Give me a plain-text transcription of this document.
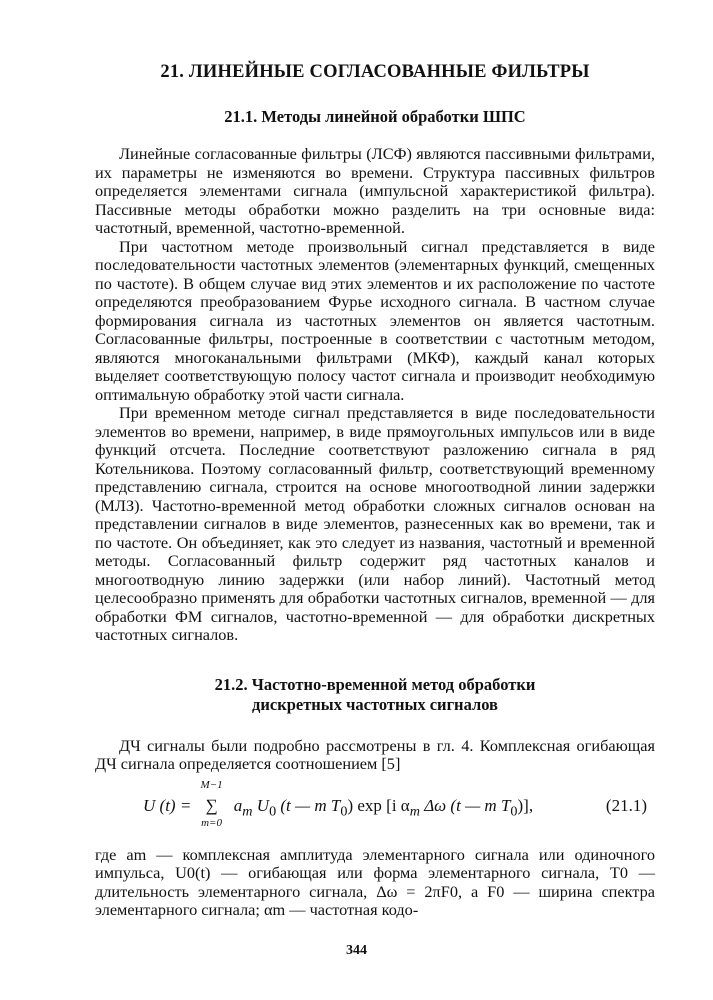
21. ЛИНЕЙНЫЕ СОГЛАСОВАННЫЕ ФИЛЬТРЫ
21.1. Методы линейной обработки ШПС

Линейные согласованные фильтры (ЛСФ) являются пассивными фильтрами, их параметры не изменяются во времени. Структура пассивных фильтров определяется элементами сигнала (импульсной характеристикой фильтра). Пассивные методы обработки можно разделить на три основные вида: частотный, временной, частотно-временной.

При частотном методе произвольный сигнал представляется в виде последовательности частотных элементов (элементарных функций, смещенных по частоте). В общем случае вид этих элементов и их расположение по частоте определяются преобразованием Фурье исходного сигнала. В частном случае формирования сигнала из частотных элементов он является частотным. Согласованные фильтры, построенные в соответствии с частотным методом, являются многоканальными фильтрами (МКФ), каждый канал которых выделяет соответствующую полосу частот сигнала и производит необходимую оптимальную обработку этой части сигнала.

При временном методе сигнал представляется в виде последовательности элементов во времени, например, в виде прямоугольных импульсов или в виде функций отсчета. Последние соответствуют разложению сигнала в ряд Котельникова. Поэтому согласованный фильтр, соответствующий временному представлению сигнала, строится на основе многоотводной линии задержки (МЛЗ). Частотно-временной метод обработки сложных сигналов основан на представлении сигналов в виде элементов, разнесенных как во времени, так и по частоте. Он объединяет, как это следует из названия, частотный и временной методы. Согласованный фильтр содержит ряд частотных каналов и многоотводную линию задержки (или набор линий). Частотный метод целесообразно применять для обработки частотных сигналов, временной — для обработки ФМ сигналов, частотно-временной — для обработки дискретных частотных сигналов.

21.2. Частотно-временной метод обработки
дискретных частотных сигналов

ДЧ сигналы были подробно рассмотрены в гл. 4. Комплексная огибающая ДЧ сигнала определяется соотношением [5]

U (t) =
M−1
∑
m=0
$a_m$ $U_0$ (t — m $T_0$) exp [i $\alpha_m$ Δω (t — m $T_0$)],	(21.1)

где am — комплексная амплитуда элементарного сигнала или одиночного импульса, U0(t) — огибающая или форма элементарного сигнала, T0 — длительность элементарного сигнала, Δω = 2πF0, а F0 — ширина спектра элементарного сигнала; αm — частотная кодо-

344
